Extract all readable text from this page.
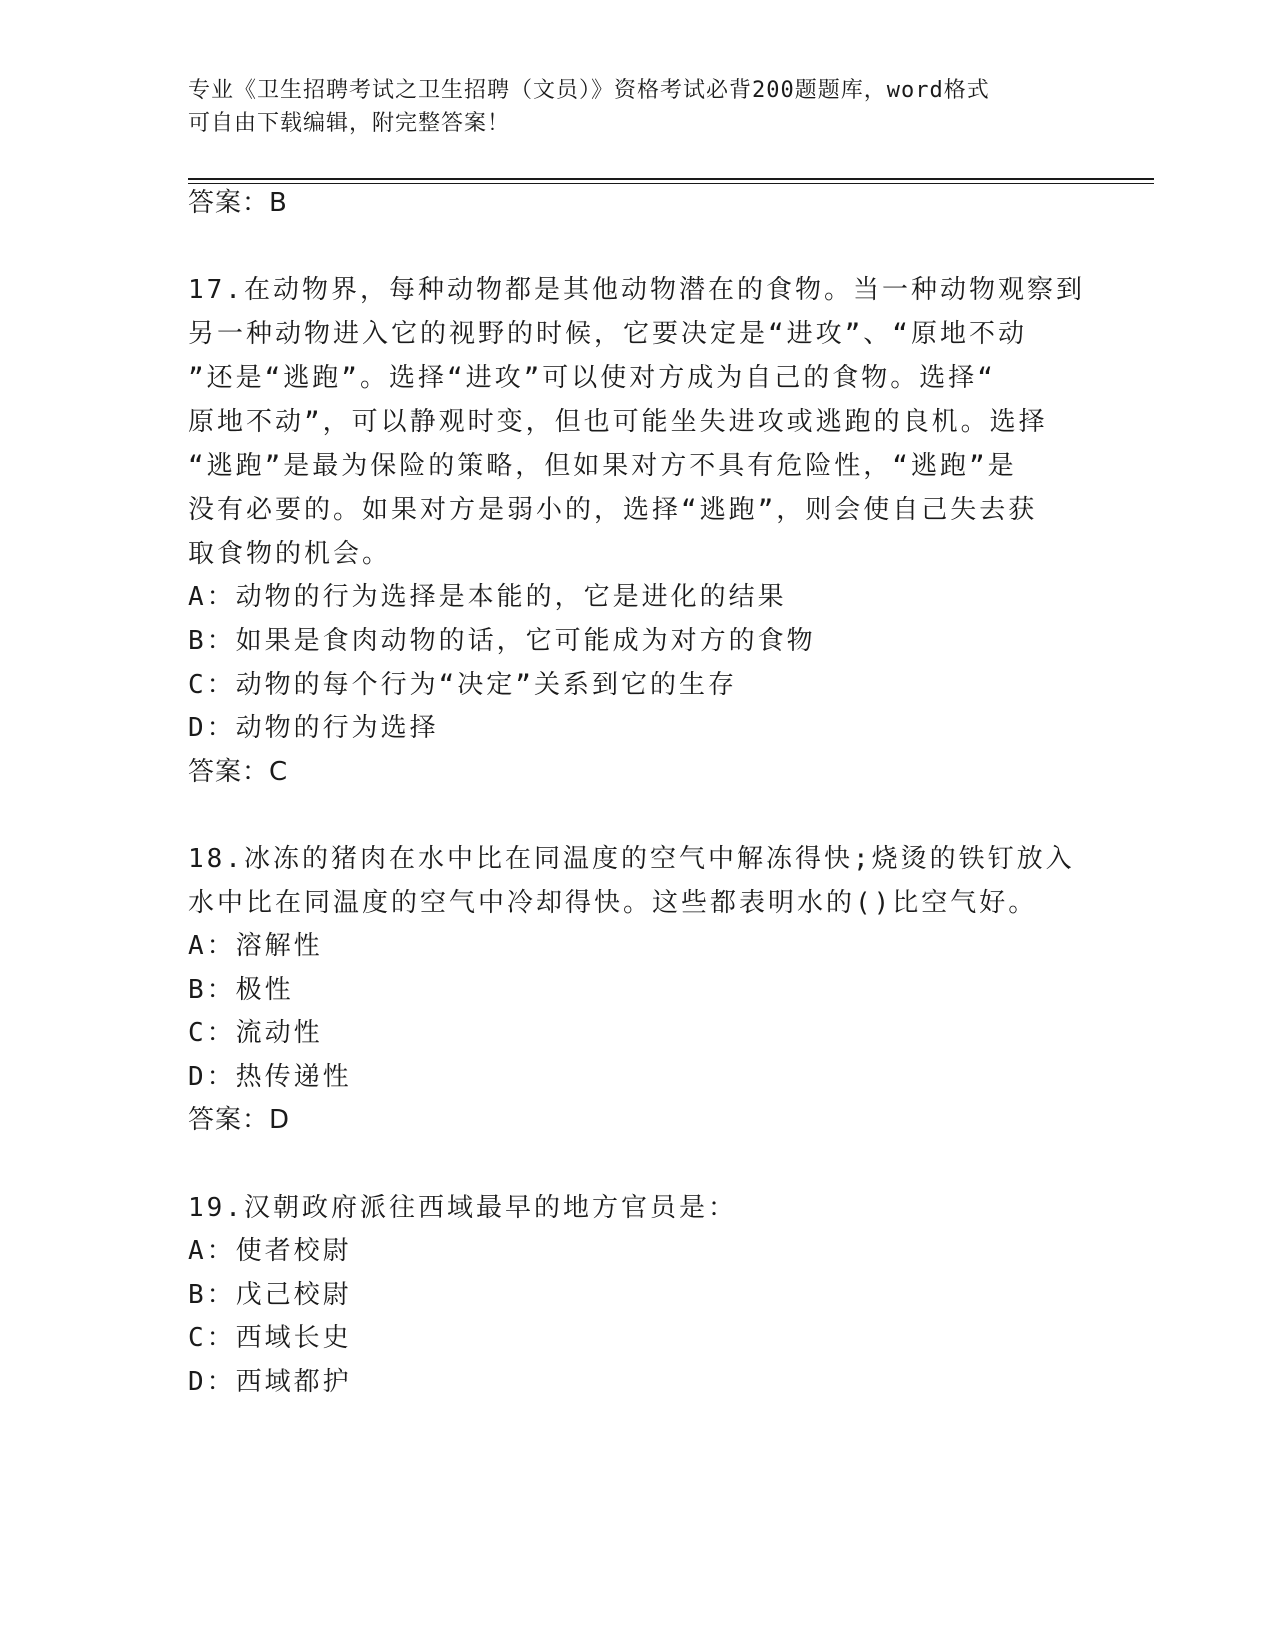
专业《卫生招聘考试之卫生招聘（文员）》资格考试必背200题题库，word格式
可自由下载编辑，附完整答案！
答案：B
17.在动物界，每种动物都是其他动物潜在的食物。当一种动物观察到
另一种动物进入它的视野的时候，它要决定是“进攻”、“原地不动
”还是“逃跑”。选择“进攻”可以使对方成为自己的食物。选择“
原地不动”，可以静观时变，但也可能坐失进攻或逃跑的良机。选择
“逃跑”是最为保险的策略，但如果对方不具有危险性，“逃跑”是
没有必要的。如果对方是弱小的，选择“逃跑”，则会使自己失去获
取食物的机会。
A：动物的行为选择是本能的，它是进化的结果
B：如果是食肉动物的话，它可能成为对方的食物
C：动物的每个行为“决定”关系到它的生存
D：动物的行为选择
答案：C
18.冰冻的猪肉在水中比在同温度的空气中解冻得快;烧烫的铁钉放入
水中比在同温度的空气中冷却得快。这些都表明水的()比空气好。
A：溶解性
B：极性
C：流动性
D：热传递性
答案：D
19.汉朝政府派往西域最早的地方官员是：
A：使者校尉
B：戊己校尉
C：西域长史
D：西域都护
